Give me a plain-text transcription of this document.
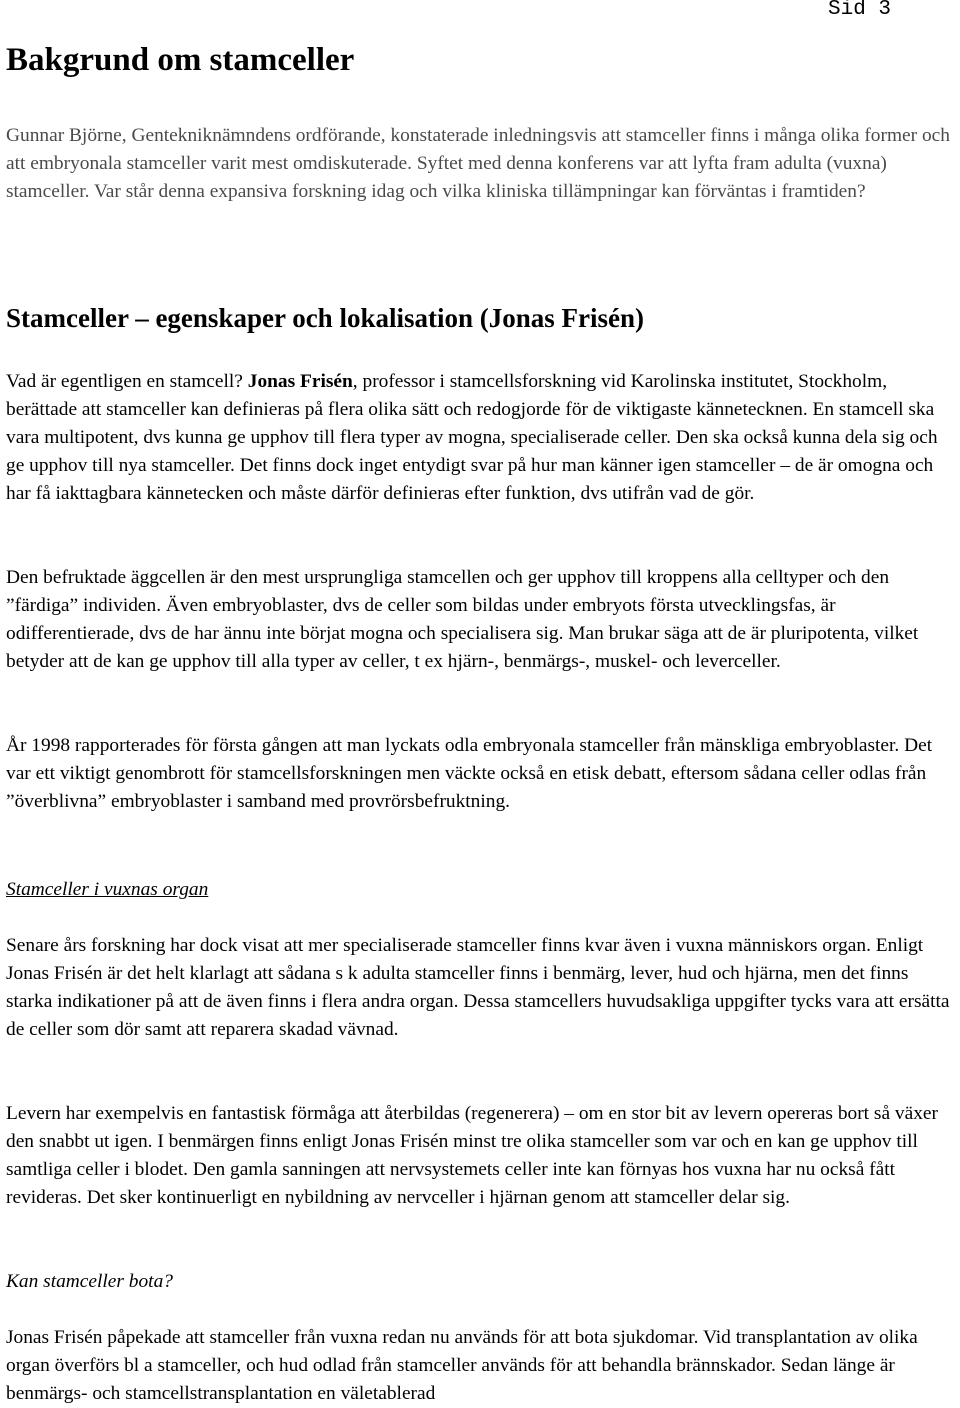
Sid 3
Bakgrund om stamceller

Gunnar Björne, Gentekniknämndens ordförande, konstaterade inledningsvis att stamceller finns i många olika former och att embryonala stamceller varit mest omdiskuterade. Syftet med denna konferens var att lyfta fram adulta (vuxna) stamceller. Var står denna expansiva forskning idag och vilka kliniska tillämpningar kan förväntas i framtiden?

Stamceller – egenskaper och lokalisation (Jonas Frisén)

Vad är egentligen en stamcell? Jonas Frisén, professor i stamcellsforskning vid Karolinska institutet, Stockholm, berättade att stamceller kan definieras på flera olika sätt och redogjorde för de viktigaste kännetecknen. En stamcell ska vara multipotent, dvs kunna ge upphov till flera typer av mogna, specialiserade celler. Den ska också kunna dela sig och ge upphov till nya stamceller. Det finns dock inget entydigt svar på hur man känner igen stamceller – de är omogna och har få iakttagbara kännetecken och måste därför definieras efter funktion, dvs utifrån vad de gör.

Den befruktade äggcellen är den mest ursprungliga stamcellen och ger upphov till kroppens alla celltyper och den ”färdiga” individen. Även embryoblaster, dvs de celler som bildas under embryots första utvecklingsfas, är odifferentierade, dvs de har ännu inte börjat mogna och specialisera sig. Man brukar säga att de är pluripotenta, vilket betyder att de kan ge upphov till alla typer av celler, t ex hjärn-, benmärgs-, muskel- och leverceller.

År 1998 rapporterades för första gången att man lyckats odla embryonala stamceller från mänskliga embryoblaster. Det var ett viktigt genombrott för stamcellsforskningen men väckte också en etisk debatt, eftersom sådana celler odlas från ”överblivna” embryoblaster i samband med provrörsbefruktning.

Stamceller i vuxnas organ

Senare års forskning har dock visat att mer specialiserade stamceller finns kvar även i vuxna människors organ. Enligt Jonas Frisén är det helt klarlagt att sådana s k adulta stamceller finns i benmärg, lever, hud och hjärna, men det finns starka indikationer på att de även finns i flera andra organ. Dessa stamcellers huvudsakliga uppgifter tycks vara att ersätta de celler som dör samt att reparera skadad vävnad.

Levern har exempelvis en fantastisk förmåga att återbildas (regenerera) – om en stor bit av levern opereras bort så växer den snabbt ut igen. I benmärgen finns enligt Jonas Frisén minst tre olika stamceller som var och en kan ge upphov till samtliga celler i blodet. Den gamla sanningen att nervsystemets celler inte kan förnyas hos vuxna har nu också fått revideras. Det sker kontinuerligt en nybildning av nervceller i hjärnan genom att stamceller delar sig.

Kan stamceller bota?

Jonas Frisén påpekade att stamceller från vuxna redan nu används för att bota sjukdomar. Vid transplantation av olika organ överförs bl a stamceller, och hud odlad från stamceller används för att behandla brännskador. Sedan länge är benmärgs- och stamcellstransplantation en väletablerad
